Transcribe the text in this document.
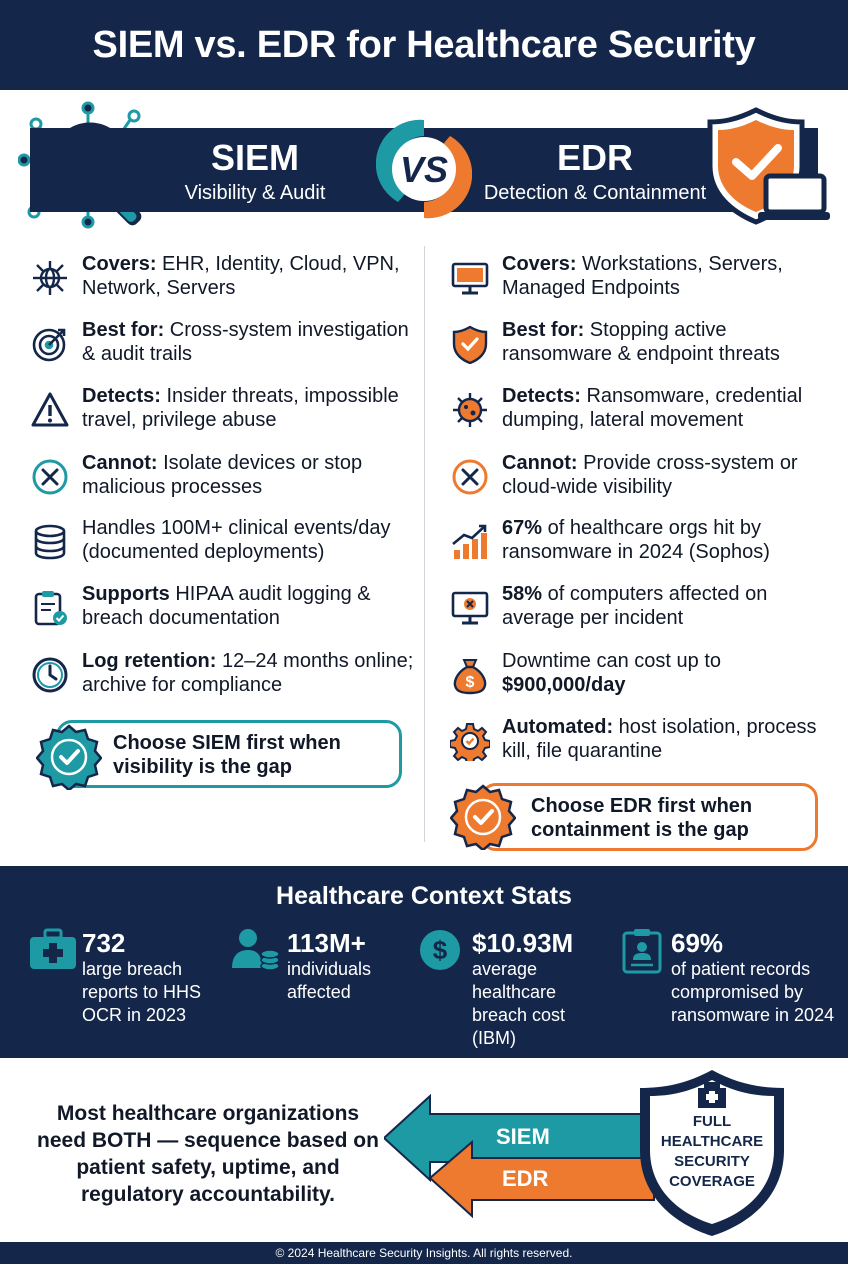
SIEM vs. EDR for Healthcare Security
SIEM
Visibility & Audit
EDR
Detection & Containment
VS
Covers: EHR, Identity, Cloud, VPN, Network, Servers
Best for: Cross-system investigation & audit trails
Detects: Insider threats, impossible travel, privilege abuse
Cannot: Isolate devices or stop malicious processes
Handles 100M+ clinical events/day (documented deployments)
Supports HIPAA audit logging & breach documentation
Log retention: 12–24 months online; archive for compliance
Choose SIEM first when visibility is the gap
Covers: Workstations, Servers, Managed Endpoints
Best for: Stopping active ransomware & endpoint threats
Detects: Ransomware, credential dumping, lateral movement
Cannot: Provide cross-system or cloud-wide visibility
67% of healthcare orgs hit by ransomware in 2024 (Sophos)
58% of computers affected on average per incident
$
Downtime can cost up to $900,000/day
Automated: host isolation, process kill, file quarantine
Choose EDR first when containment is the gap
Healthcare Context Stats
732
large breach reports to HHS OCR in 2023
113M+
individuals affected
$ $10.93M
average healthcare breach cost (IBM)
69%
of patient records compromised by ransomware in 2024
Most healthcare organizations need BOTH — sequence based on patient safety, uptime, and regulatory accountability.
SIEM
EDR
FULL HEALTHCARE SECURITY COVERAGE
© 2024 Healthcare Security Insights. All rights reserved.
